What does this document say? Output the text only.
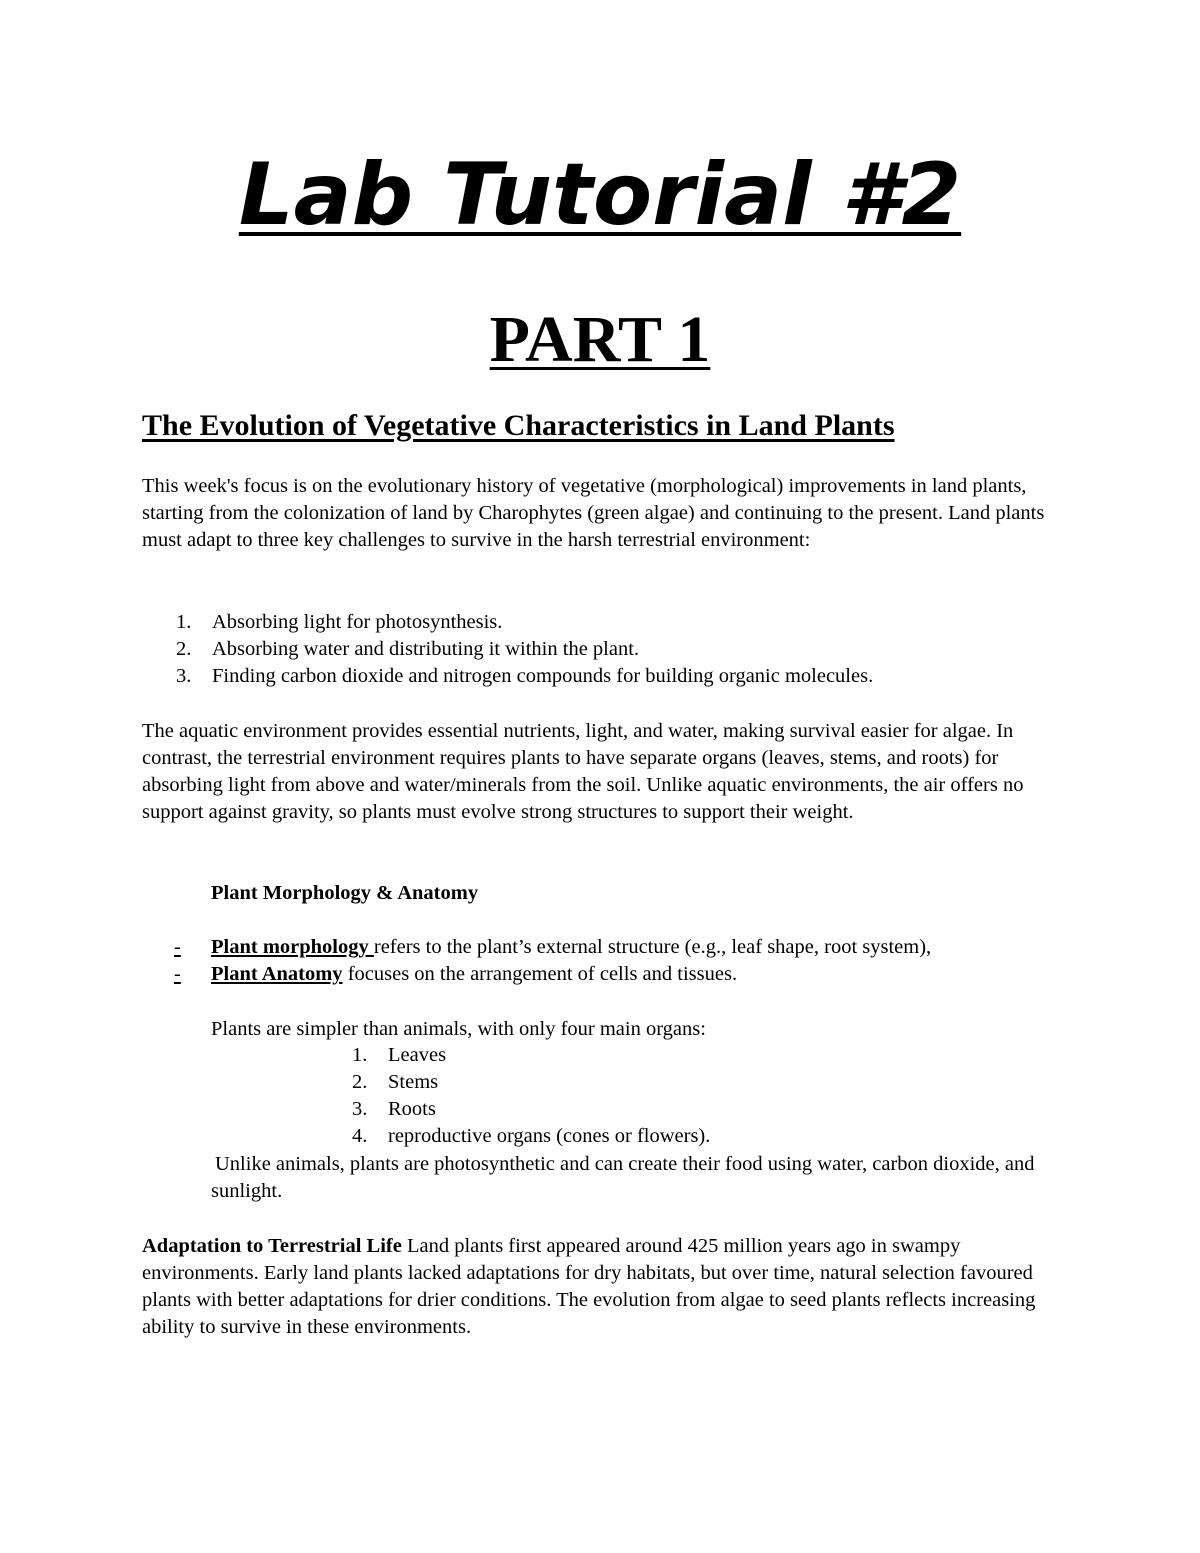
Lab Tutorial #2
PART 1
The Evolution of Vegetative Characteristics in Land Plants

This week's focus is on the evolutionary history of vegetative (morphological) improvements in land plants, starting from the colonization of land by Charophytes (green algae) and continuing to the present. Land plants must adapt to three key challenges to survive in the harsh terrestrial environment:

1.	Absorbing light for photosynthesis.
2.	Absorbing water and distributing it within the plant.
3.	Finding carbon dioxide and nitrogen compounds for building organic molecules.

The aquatic environment provides essential nutrients, light, and water, making survival easier for algae. In contrast, the terrestrial environment requires plants to have separate organs (leaves, stems, and roots) for absorbing light from above and water/minerals from the soil. Unlike aquatic environments, the air offers no support against gravity, so plants must evolve strong structures to support their weight.

Plant Morphology & Anatomy

- Plant morphology refers to the plant’s external structure (e.g., leaf shape, root system),
- Plant Anatomy focuses on the arrangement of cells and tissues.
Plants are simpler than animals, with only four main organs:
1.	Leaves
2.	Stems
3.	Roots
4.	reproductive organs (cones or flowers).

Unlike animals, plants are photosynthetic and can create their food using water, carbon dioxide, and sunlight.

Adaptation to Terrestrial Life Land plants first appeared around 425 million years ago in swampy environments. Early land plants lacked adaptations for dry habitats, but over time, natural selection favoured plants with better adaptations for drier conditions. The evolution from algae to seed plants reflects increasing ability to survive in these environments.
